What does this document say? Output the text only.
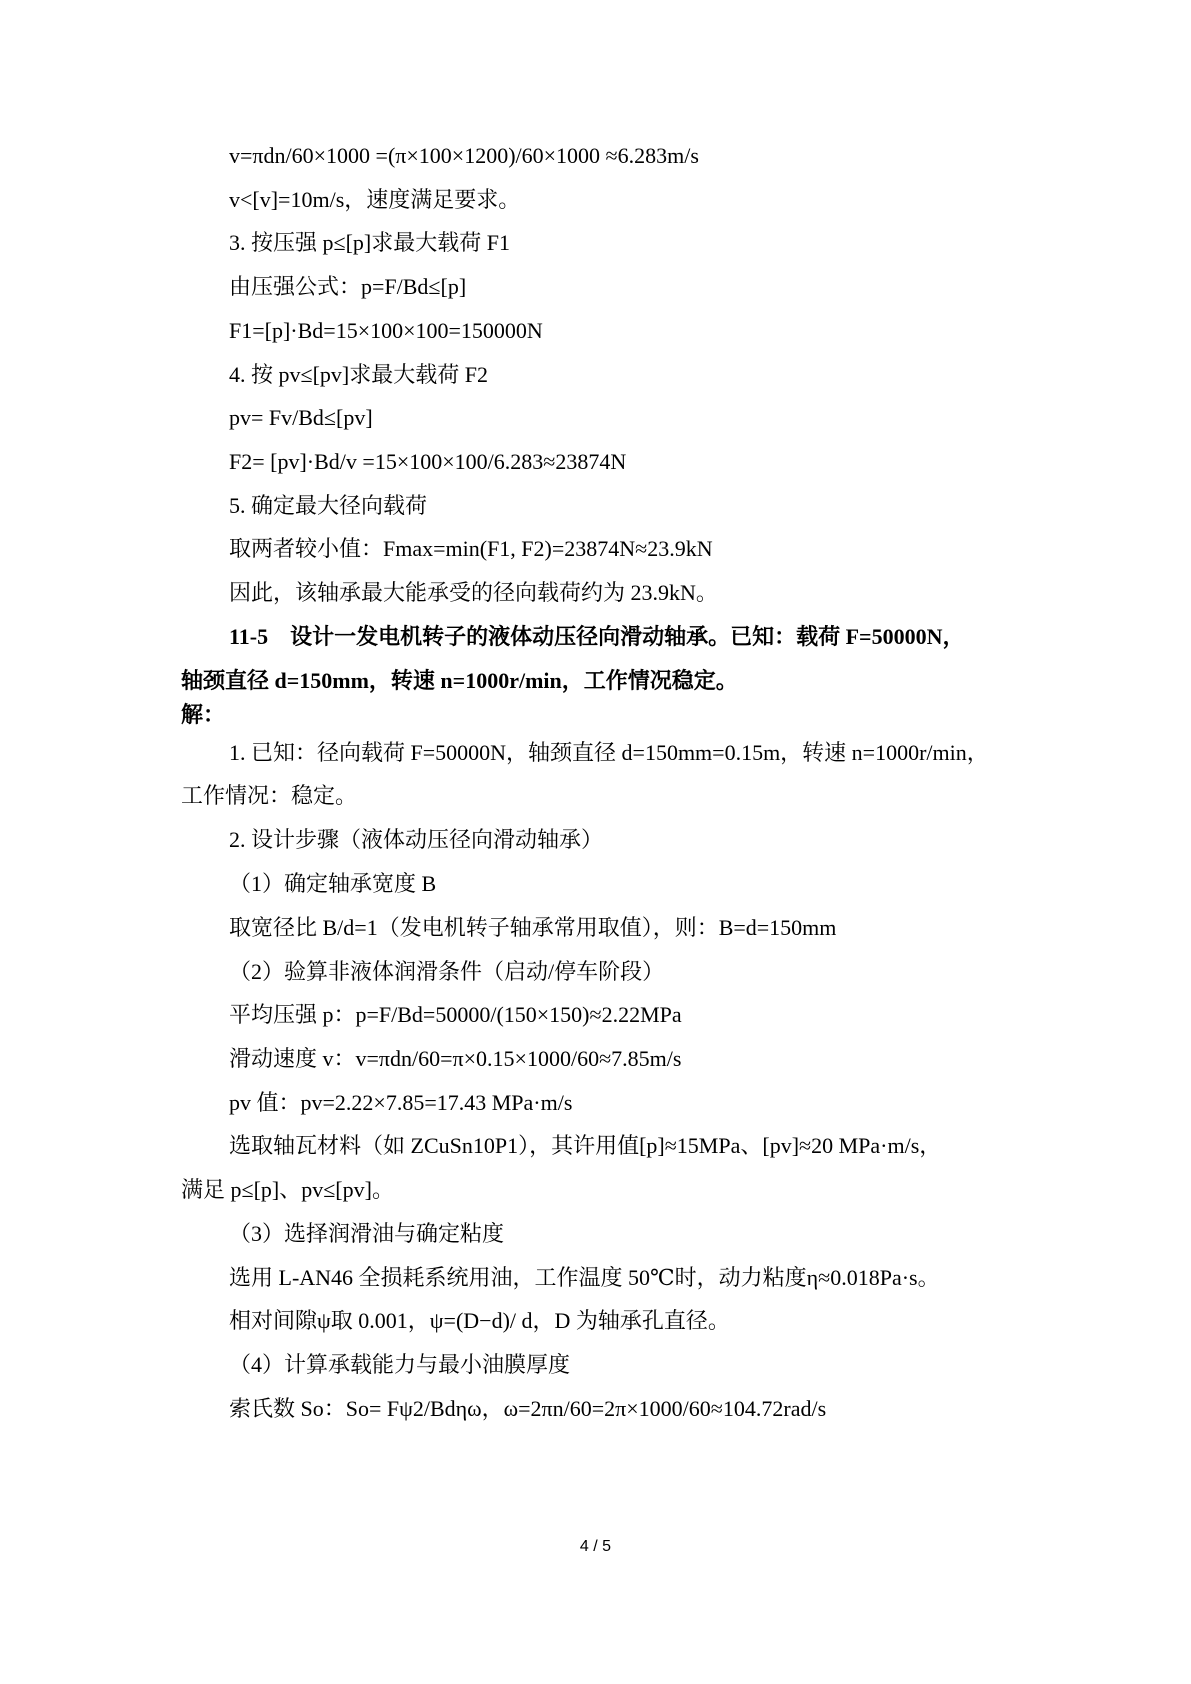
v=πdn/60×1000 =(π×100×1200)/60×1000 ≈6.283m/s
v<[v]=10m/s，速度满足要求。
3. 按压强 p≤[p]求最大载荷 F1
由压强公式：p=F/Bd≤[p]
F1=[p]·Bd=15×100×100=150000N
4. 按 pv≤[pv]求最大载荷 F2
pv= Fv/Bd≤[pv]
F2= [pv]·Bd/v =15×100×100/6.283≈23874N
5. 确定最大径向载荷
取两者较小值：Fmax=min(F1, F2)=23874N≈23.9kN
因此，该轴承最大能承受的径向载荷约为 23.9kN。
11-5　设计一发电机转子的液体动压径向滑动轴承。已知：载荷 F=50000N，
轴颈直径 d=150mm，转速 n=1000r/min，工作情况稳定。
解：
1. 已知：径向载荷 F=50000N，轴颈直径 d=150mm=0.15m，转速 n=1000r/min，
工作情况：稳定。
2. 设计步骤（液体动压径向滑动轴承）
（1）确定轴承宽度 B
取宽径比 B/d=1（发电机转子轴承常用取值），则：B=d=150mm
（2）验算非液体润滑条件（启动/停车阶段）
平均压强 p：p=F/Bd=50000/(150×150)≈2.22MPa
滑动速度 v：v=πdn/60=π×0.15×1000/60≈7.85m/s
pv 值：pv=2.22×7.85=17.43 MPa·m/s
选取轴瓦材料（如 ZCuSn10P1），其许用值[p]≈15MPa、[pv]≈20 MPa·m/s，
满足 p≤[p]、pv≤[pv]。
（3）选择润滑油与确定粘度
选用 L-AN46 全损耗系统用油，工作温度 50℃时，动力粘度η≈0.018Pa·s。
相对间隙ψ取 0.001，ψ=(D−d)/ d，D 为轴承孔直径。
（4）计算承载能力与最小油膜厚度
索氏数 So：So= Fψ2/Bdηω，ω=2πn/60=2π×1000/60≈104.72rad/s
4 / 5
